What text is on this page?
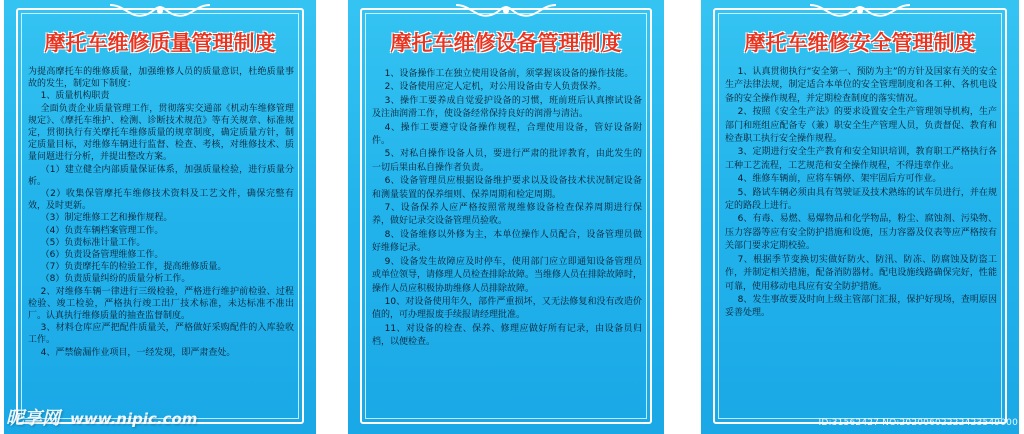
摩托车维修质量管理制度

为提高摩托车的维修质量，加强维修人员的质量意识，杜绝质量事故的发生，制定如下制度：

1、质量机构职责

全面负责企业质量管理工作，贯彻落实交通部《机动车维修管理规定》、《摩托车维护、检测、诊断技术规范》等有关规章、标准规定，贯彻执行有关摩托车维修质量的规章制度，确定质量方针，制定质量目标，对维修车辆进行监督、检查、考核，对维修技术、质量问题进行分析，并提出整改方案。

（1）建立健全内部质量保证体系，加强质量检验，进行质量分析。

（2）收集保管摩托车维修技术资料及工艺文件，确保完整有效，及时更新。

（3）制定维修工艺和操作规程。

（4）负责车辆档案管理工作。

（5）负责标准计量工作。

（6）负责设备管理维修工作。

（7）负责摩托车的检验工作，提高维修质量。

（8）负责质量纠纷的质量分析工作。

2、对维修车辆一律进行三级检验，严格进行维护前检验、过程检验、竣工检验，严格执行竣工出厂技术标准，未达标准不准出厂。认真执行维修质量的抽查监督制度。

3、材料仓库应严把配件质量关，严格做好采购配件的入库验收工作。

4、严禁偷漏作业项目，一经发现，即严肃查处。

摩托车维修设备管理制度

1、设备操作工在独立使用设备前，须掌握该设备的操作技能。

2、设备使用应定人定机，对公用设备由专人负责保养。

3、操作工要养成自觉爱护设备的习惯，班前班后认真擦试设备及注油润滑工作，使设备经常保持良好的润滑与清洁。

4、操作工要遵守设备操作规程，合理使用设备，管好设备附件。

5、对私自操作设备人员，要进行严肃的批评教育，由此发生的一切后果由私自操作者负责。

6、设备管理员应根据设备维护要求以及设备技术状况制定设备和测量装置的保养细则、保养周期和检定周期。

7、设备保养人应严格按照常规维修设备检查保养周期进行保养，做好记录交设备管理员验收。

8、设备维修以外修为主，本单位操作人员配合，设备管理员做好维修记录。

9、设备发生故障应及时停车，使用部门应立即通知设备管理员或单位领导，请修理人员检查排除故障。当维修人员在排除故障时，操作人员应积极协助维修人员排除故障。

10、对设备使用年久，部件严重损坏，又无法修复和没有改造价值的，可办理报废手续报请经理批准。

11、对设备的检查、保养、修理应做好所有记录，由设备员归档，以便检查。

摩托车维修安全管理制度

1、认真贯彻执行“安全第一、预防为主”的方针及国家有关的安全生产法律法规，制定适合本单位的安全管理制度和各工种、各机电设备的安全操作规程，并定期检查制度的落实情况。

2、按照《安全生产法》的要求设置安全生产管理领导机构，生产部门和班组应配备专（兼）职安全生产管理人员，负责督促、教育和检查职工执行安全操作规程。

3、定期进行安全生产教育和安全知识培训，教育职工严格执行各工种工艺流程，工艺规范和安全操作规程，不得违章作业。

4、维修车辆前，应将车辆停、架牢固后方可作业。

5、路试车辆必须由具有驾驶证及技术熟练的试车员进行，并在规定的路段上进行。

6、有毒、易燃、易爆物品和化学物品，粉尘、腐蚀剂、污染物、压力容器等应有安全防护措施和设施，压力容器及仪表等应严格按有关部门要求定期校验。

7、根据季节变换切实做好防火、防汛、防冻、防腐蚀及防盗工作，并制定相关措施，配备消防器材。配电设施线路确保完好，性能可靠，使用移动电具应有安全防护措施。

8、发生事故要及时向上级主管部门汇报，保护好现场，查明原因妥善处理。

昵享网 www.nipic.com	ID:31562427 NO:20200602222423549000
